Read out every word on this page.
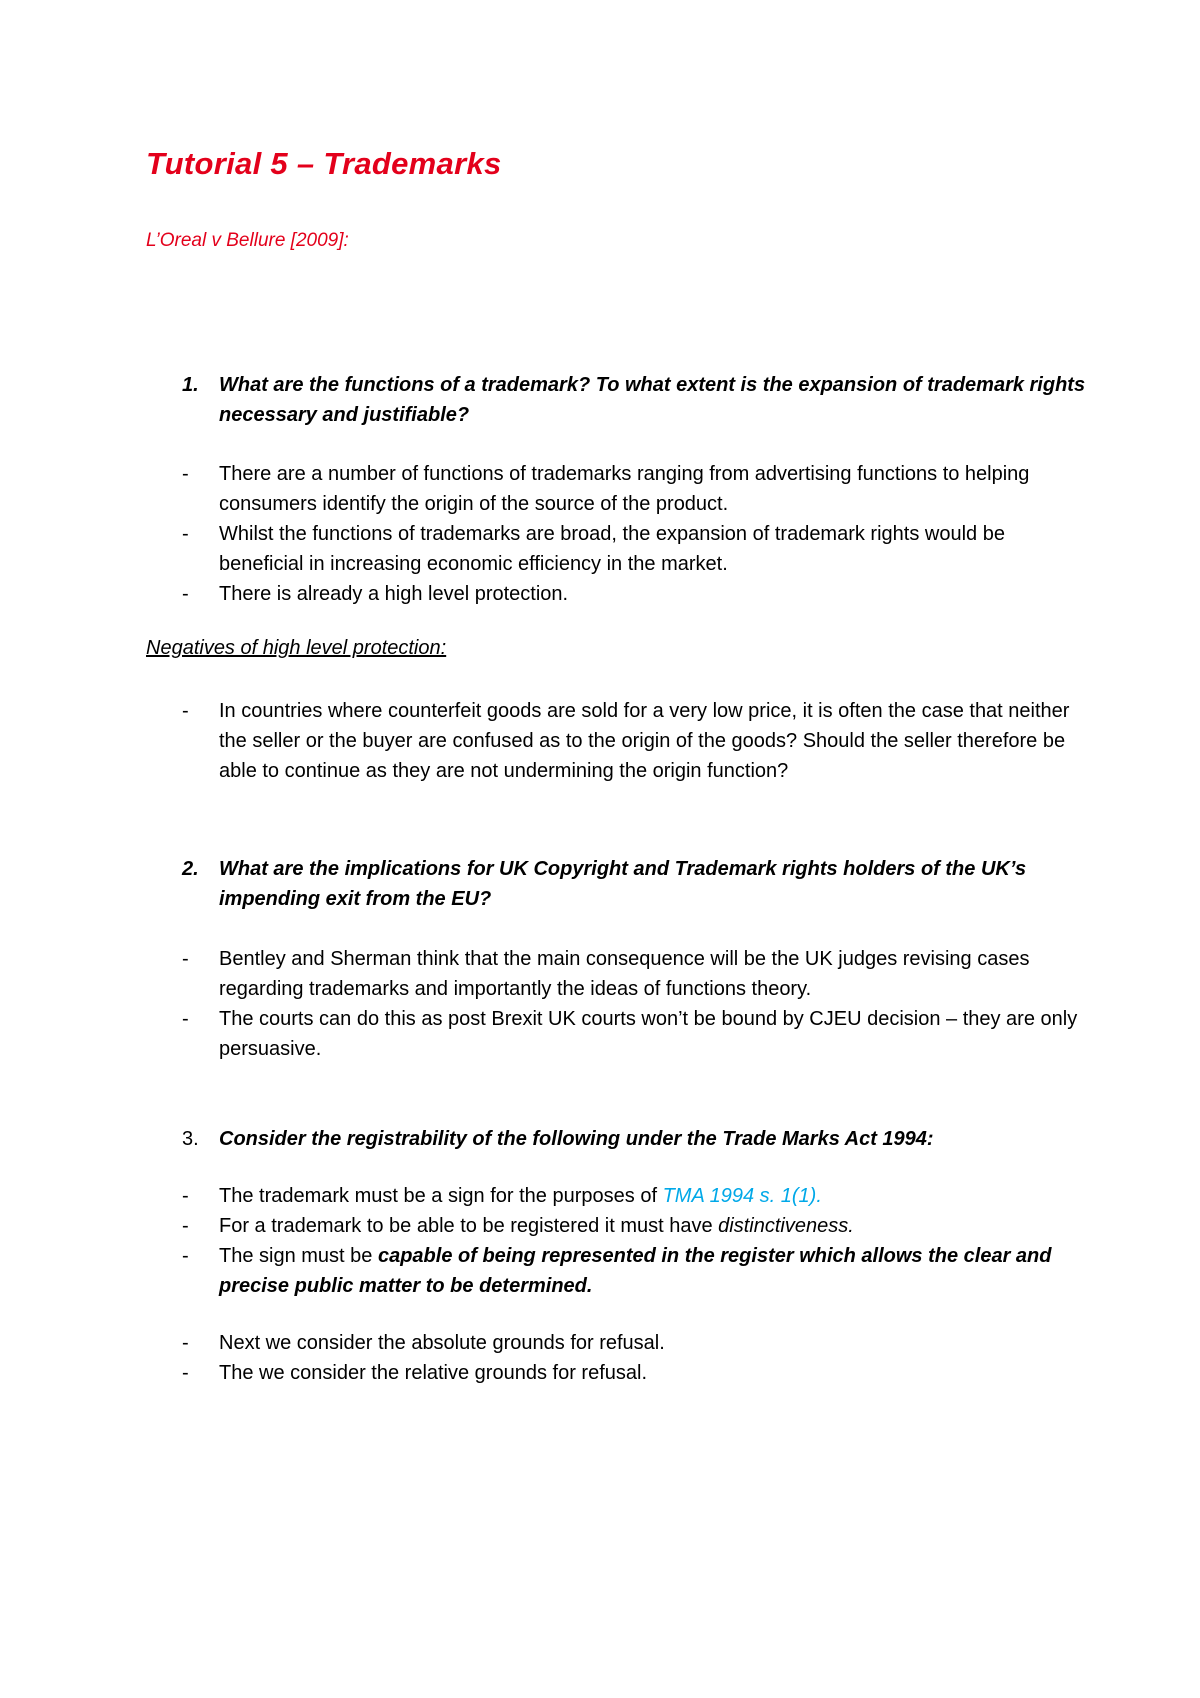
Tutorial 5 – Trademarks
L’Oreal v Bellure [2009]:
1. What are the functions of a trademark? To what extent is the expansion of trademark rights necessary and justifiable?
- There are a number of functions of trademarks ranging from advertising functions to helping consumers identify the origin of the source of the product.
- Whilst the functions of trademarks are broad, the expansion of trademark rights would be beneficial in increasing economic efficiency in the market.
- There is already a high level protection.
Negatives of high level protection:
- In countries where counterfeit goods are sold for a very low price, it is often the case that neither the seller or the buyer are confused as to the origin of the goods? Should the seller therefore be able to continue as they are not undermining the origin function?
2. What are the implications for UK Copyright and Trademark rights holders of the UK’s impending exit from the EU?
- Bentley and Sherman think that the main consequence will be the UK judges revising cases regarding trademarks and importantly the ideas of functions theory.
- The courts can do this as post Brexit UK courts won’t be bound by CJEU decision – they are only persuasive.
3. Consider the registrability of the following under the Trade Marks Act 1994:
- The trademark must be a sign for the purposes of TMA 1994 s. 1(1).
- For a trademark to be able to be registered it must have distinctiveness.
- The sign must be capable of being represented in the register which allows the clear and precise public matter to be determined.
- Next we consider the absolute grounds for refusal.
- The we consider the relative grounds for refusal.
